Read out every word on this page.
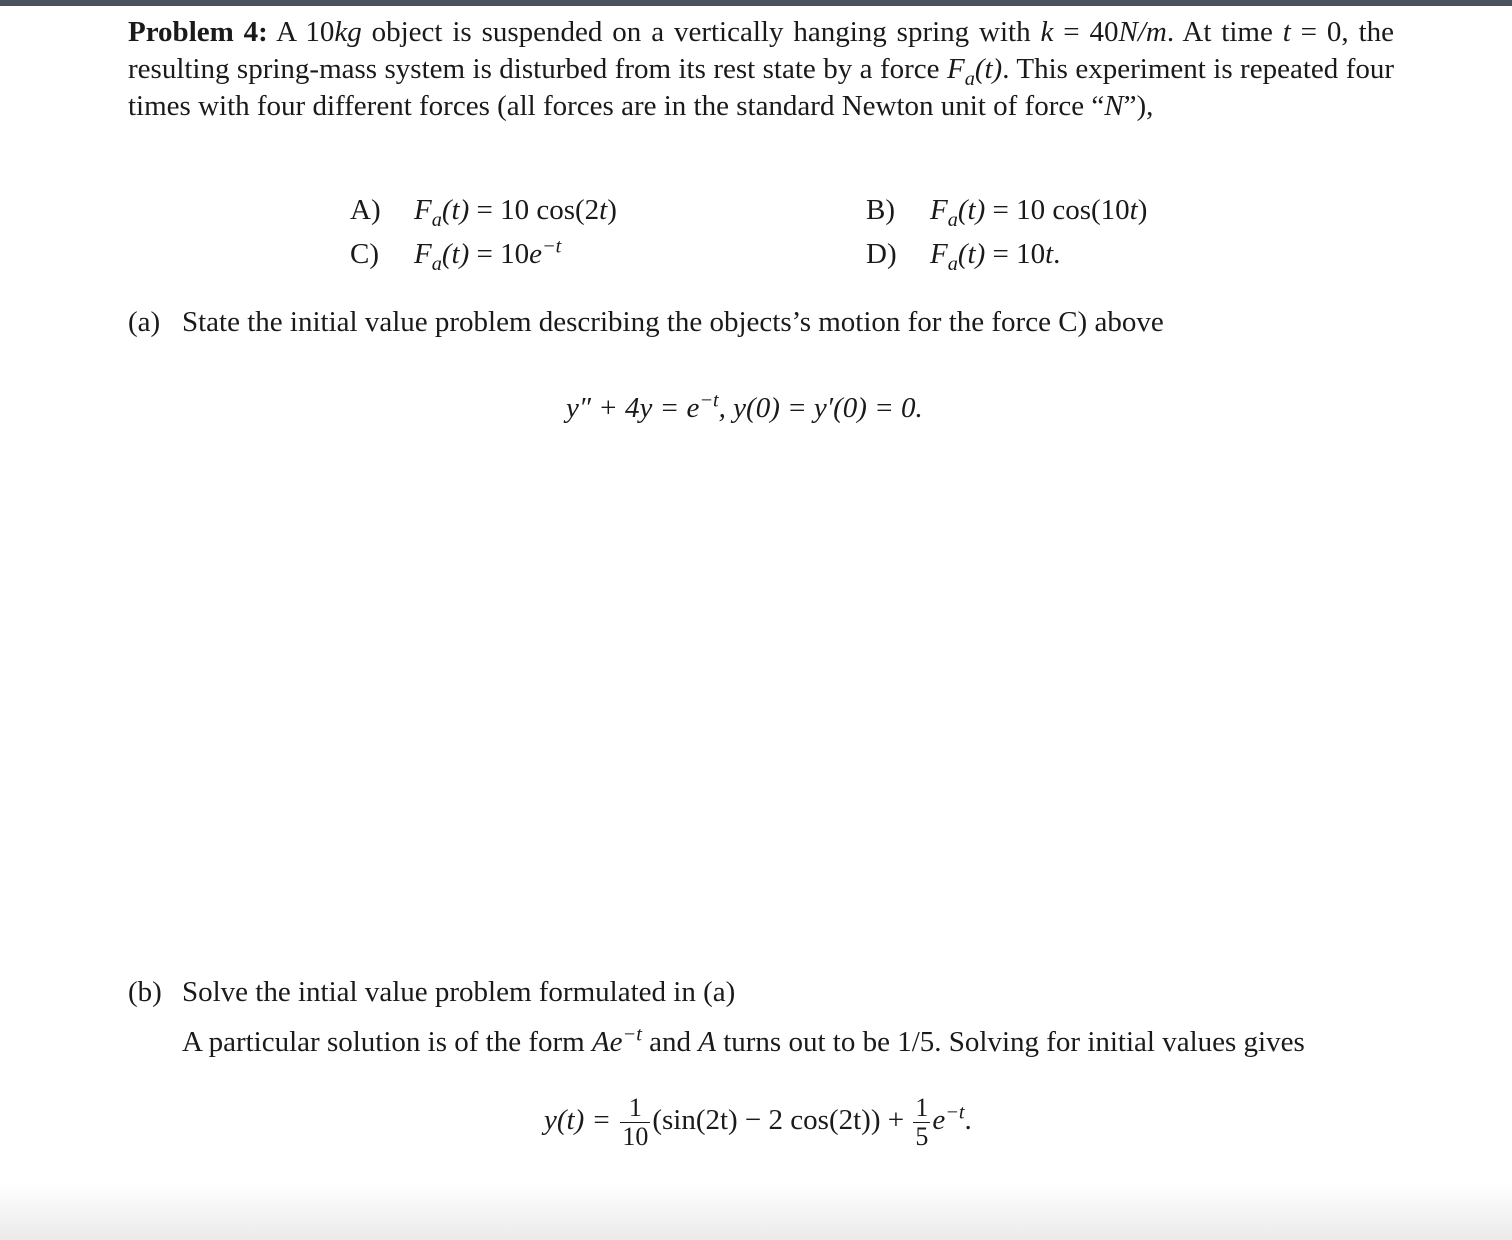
Problem 4: A 10kg object is suspended on a vertically hanging spring with k = 40N/m. At time t = 0, the resulting spring-mass system is disturbed from its rest state by a force $F_a(t)$. This experiment is repeated four times with four different forces (all forces are in the standard Newton unit of force “N”),
A) $F_a(t) = 10$ cos(2t)	B) $F_a(t) = 10$ cos(10t)
C) $F_a(t) = 10e^{-t}$	D) $F_a(t) = 10t$.
(a) State the initial value problem describing the objects’s motion for the force C) above
$y'' + 4y = e^{-t}$, y(0) = y′(0) = 0.
(b) Solve the intial value problem formulated in (a)
A particular solution is of the form $Ae^{-t}$ and A turns out to be 1/5. Solving for initial values gives
$y(t) = \frac{1}{10} (\sin(2t) - 2$ $\cos(2t)) + \frac{1}{5} e^{-t}$.
